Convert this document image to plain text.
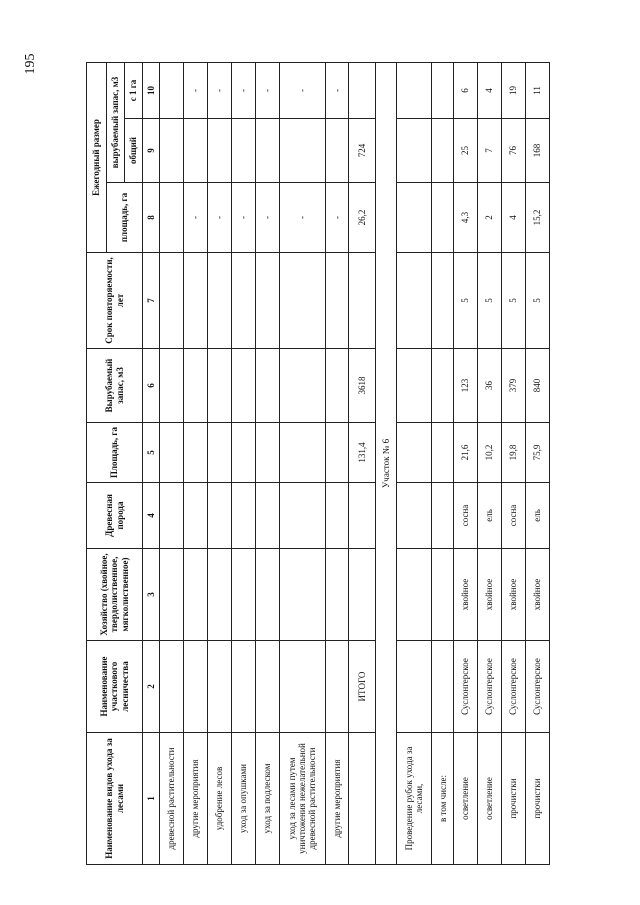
195
Наименование видов ухода за лесами	Наименование участкового лесничества	Хозяйство (хвойное, твердолиственное, мягколиственное)	Древесная порода	Площадь, га	Вырубаемый запас, м3	Срок повторяемости, лет	Ежегодный размер		
							площадь, га	вырубаемый запас, м3	
								общий	с 1 га
1	2	3	4	5	6	7	8	9	10
древесной растительности									
другие мероприятия							-		-
удобрение лесов							-		-
уход за опушками							-		-
уход за подлеском							-		-
уход за лесами путем уничтожения нежелательной древесной растительности							-		-
другие мероприятия							-		-
	ИТОГО			131,4	3618		26,2	724	
Участок № 6									
Проведение рубок ухода за лесами,									
в том числе:									
осветление	Суслонгерское	хвойное	сосна	21,6	123	5	4,3	25	6
осветление	Суслонгерское	хвойное	ель	10,2	36	5	2	7	4
прочистки	Суслонгерское	хвойное	сосна	19,8	379	5	4	76	19
прочистки	Суслонгерское	хвойное	ель	75,9	840	5	15,2	168	11
